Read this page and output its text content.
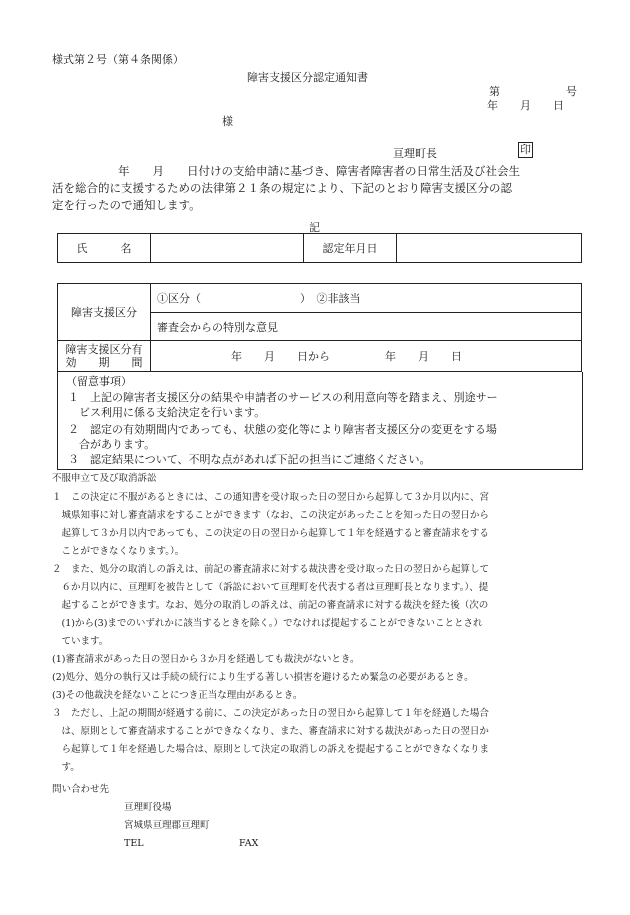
様式第２号（第４条関係）
障害支援区分認定通知書
第　　　　　　号
年　　月　　日
様
亘理町長	印
年　　月　　日付けの支給申請に基づき、障害者障害者の日常生活及び社会生
活を総合的に支援するための法律第２１条の規定により、下記のとおり障害支援区分の認
定を行ったので通知します。
記
氏　　　名		認定年月日	
障害支援区分	①区分（　　　　　　　　　）　②非該当
	審査会からの特別な意見

障害支援区分有
効　　期　　間	年　　月　　日から　　　　　年　　月　　日
（留意事項）
１　上記の障害者支援区分の結果や申請者のサービスの利用意向等を踏まえ、別途サー
　ビス利用に係る支給決定を行います。
２　認定の有効期間内であっても、状態の変化等により障害者支援区分の変更をする場
　合があります。
３　認定結果について、不明な点があれば下記の担当にご連絡ください。
不服申立て及び取消訴訟
１　この決定に不服があるときには、この通知書を受け取った日の翌日から起算して３か月以内に、宮
　城県知事に対し審査請求をすることができます（なお、この決定があったことを知った日の翌日から
　起算して３か月以内であっても、この決定の日の翌日から起算して１年を経過すると審査請求をする
　ことができなくなります。）。
２　また、処分の取消しの訴えは、前記の審査請求に対する裁決書を受け取った日の翌日から起算して
　６か月以内に、亘理町を被告として（訴訟において亘理町を代表する者は亘理町長となります。）、提
　起することができます。なお、処分の取消しの訴えは、前記の審査請求に対する裁決を経た後（次の
　(1)から(3)までのいずれかに該当するときを除く。）でなければ提起することができないこととされ
　ています。
(1)審査請求があった日の翌日から３か月を経過しても裁決がないとき。
(2)処分、処分の執行又は手続の続行により生ずる著しい損害を避けるため緊急の必要があるとき。
(3)その他裁決を経ないことにつき正当な理由があるとき。
３　ただし、上記の期間が経過する前に、この決定があった日の翌日から起算して１年を経過した場合
　は、原則として審査請求することができなくなり、また、審査請求に対する裁決があった日の翌日か
　ら起算して１年を経過した場合は、原則として決定の取消しの訴えを提起することができなくなりま
　す。
問い合わせ先
亘理町役場
宮城県亘理郡亘理町
TEL	FAX
